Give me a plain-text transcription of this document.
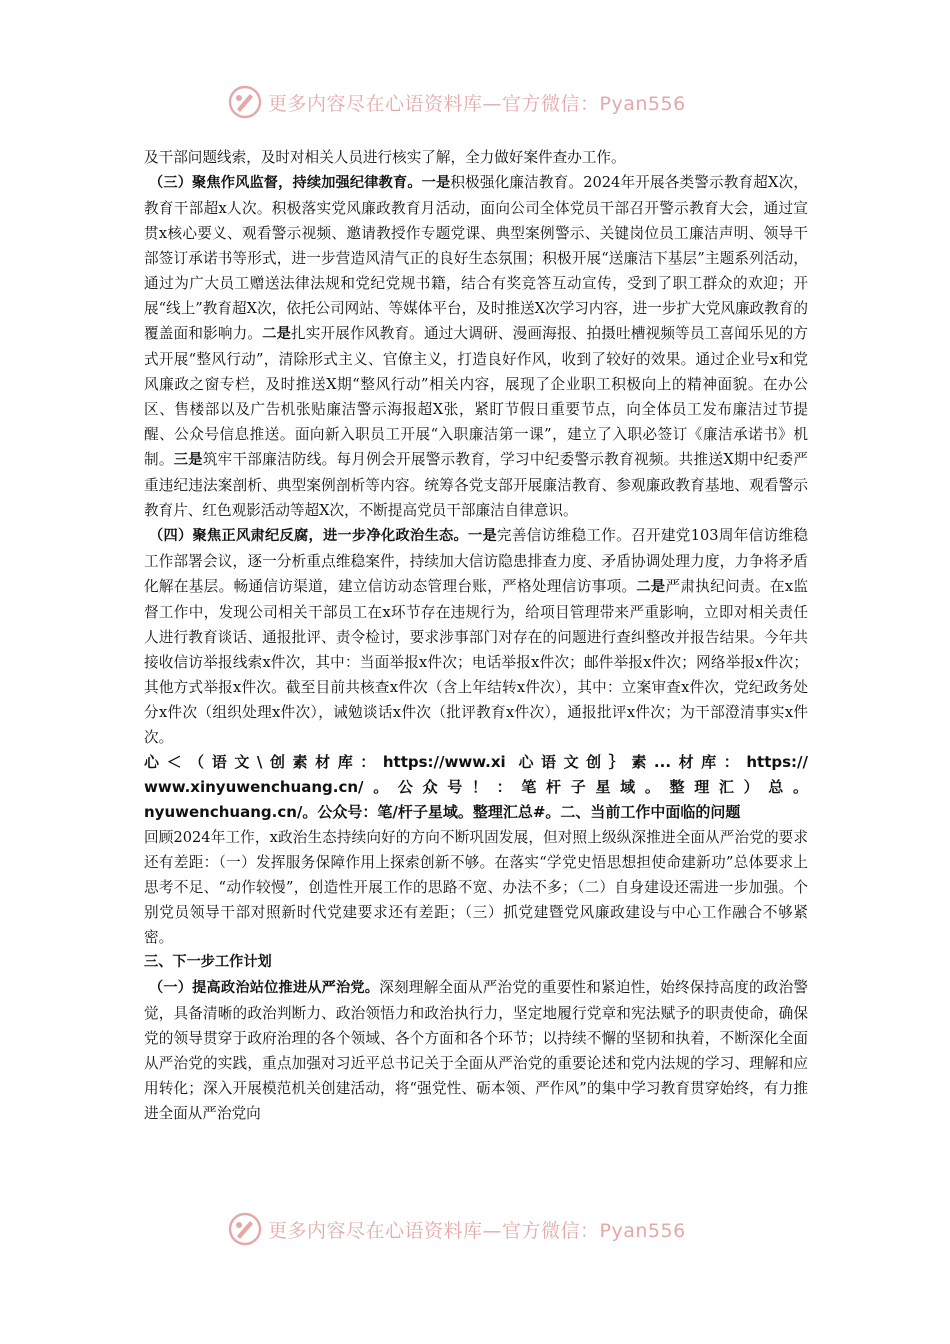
更多内容尽在心语资料库—官方微信：Pyan556

及干部问题线索，及时对相关人员进行核实了解，全力做好案件查办工作。

（三）聚焦作风监督，持续加强纪律教育。一是积极强化廉洁教育。2024年开展各类警示教育超X次，教育干部超x人次。积极落实党风廉政教育月活动，面向公司全体党员干部召开警示教育大会，通过宣贯x核心要义、观看警示视频、邀请教授作专题党课、典型案例警示、关键岗位员工廉洁声明、领导干部签订承诺书等形式，进一步营造风清气正的良好生态氛围；积极开展“送廉洁下基层”主题系列活动，通过为广大员工赠送法律法规和党纪党规书籍，结合有奖竞答互动宣传，受到了职工群众的欢迎；开展“线上”教育超X次，依托公司网站、等媒体平台，及时推送X次学习内容，进一步扩大党风廉政教育的覆盖面和影响力。二是扎实开展作风教育。通过大调研、漫画海报、拍摄吐槽视频等员工喜闻乐见的方式开展“整风行动”，清除形式主义、官僚主义，打造良好作风，收到了较好的效果。通过企业号x和党风廉政之窗专栏，及时推送X期“整风行动”相关内容，展现了企业职工积极向上的精神面貌。在办公区、售楼部以及广告机张贴廉洁警示海报超X张，紧盯节假日重要节点，向全体员工发布廉洁过节提醒、公众号信息推送。面向新入职员工开展“入职廉洁第一课”，建立了入职必签订《廉洁承诺书》机制。三是筑牢干部廉洁防线。每月例会开展警示教育，学习中纪委警示教育视频。共推送X期中纪委严重违纪违法案剖析、典型案例剖析等内容。统筹各党支部开展廉洁教育、参观廉政教育基地、观看警示教育片、红色观影活动等超X次，不断提高党员干部廉洁自律意识。

（四）聚焦正风肃纪反腐，进一步净化政治生态。一是完善信访维稳工作。召开建党103周年信访维稳工作部署会议，逐一分析重点维稳案件，持续加大信访隐患排查力度、矛盾协调处理力度，力争将矛盾化解在基层。畅通信访渠道，建立信访动态管理台账，严格处理信访事项。二是严肃执纪问责。在x监督工作中，发现公司相关干部员工在x环节存在违规行为，给项目管理带来严重影响，立即对相关责任人进行教育谈话、通报批评、责令检讨，要求涉事部门对存在的问题进行查纠整改并报告结果。今年共接收信访举报线索x件次，其中：当面举报x件次；电话举报x件次；邮件举报x件次；网络举报x件次；其他方式举报x件次。截至目前共核查x件次（含上年结转x件次），其中：立案审查x件次，党纪政务处分x件次（组织处理x件次），诫勉谈话x件次（批评教育x件次），通报批评x件次；为干部澄清事实x件次。

心＜（语文\创素材库：https://www.xi 心语文创｝素...材库：https://

www.xinyuwenchuang.cn/。公众号！：笔杆子星域。整理汇）总。

nyuwenchuang.cn/。公众号：笔/杆子星域。整理汇总#。二、当前工作中面临的问题

回顾2024年工作，x政治生态持续向好的方向不断巩固发展，但对照上级纵深推进全面从严治党的要求还有差距：（一）发挥服务保障作用上探索创新不够。在落实“学党史悟思想担使命建新功”总体要求上思考不足、“动作较慢”，创造性开展工作的思路不宽、办法不多；（二）自身建设还需进一步加强。个别党员领导干部对照新时代党建要求还有差距；（三）抓党建暨党风廉政建设与中心工作融合不够紧密。

三、下一步工作计划

（一）提高政治站位推进从严治党。深刻理解全面从严治党的重要性和紧迫性，始终保持高度的政治警觉，具备清晰的政治判断力、政治领悟力和政治执行力，坚定地履行党章和宪法赋予的职责使命，确保党的领导贯穿于政府治理的各个领域、各个方面和各个环节；以持续不懈的坚韧和执着，不断深化全面从严治党的实践，重点加强对习近平总书记关于全面从严治党的重要论述和党内法规的学习、理解和应用转化；深入开展模范机关创建活动，将“强党性、砺本领、严作风”的集中学习教育贯穿始终，有力推进全面从严治党向

更多内容尽在心语资料库—官方微信：Pyan556
